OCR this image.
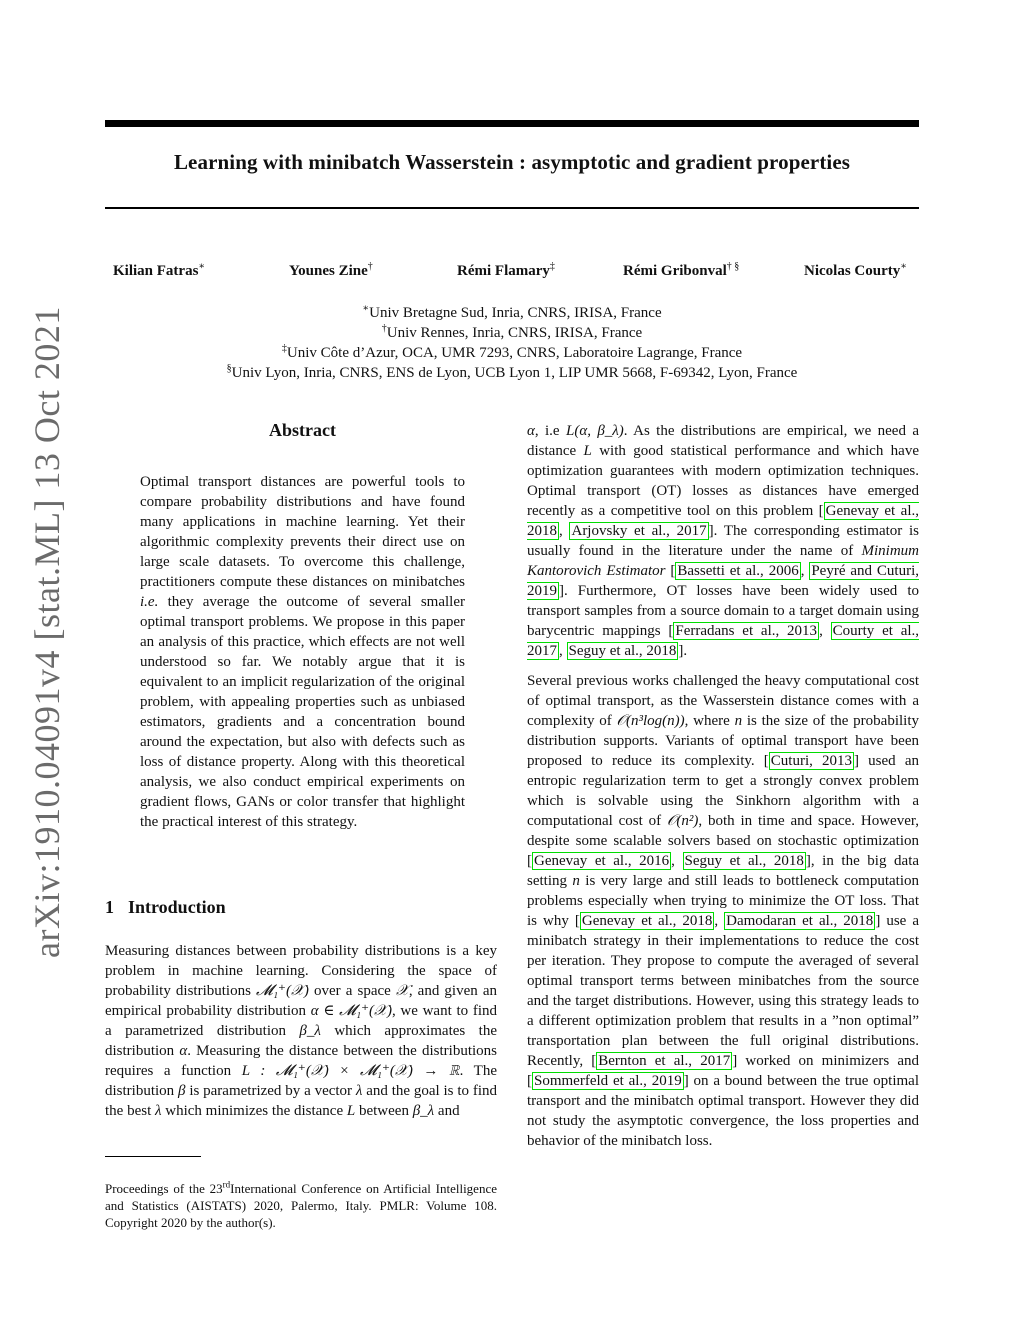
Learning with minibatch Wasserstein : asymptotic and gradient properties
Kilian Fatras∗	Younes Zine†	Rémi Flamary‡	Rémi Gribonval† §	Nicolas Courty∗
∗Univ Bretagne Sud, Inria, CNRS, IRISA, France
†Univ Rennes, Inria, CNRS, IRISA, France
‡Univ Côte d’Azur, OCA, UMR 7293, CNRS, Laboratoire Lagrange, France
§Univ Lyon, Inria, CNRS, ENS de Lyon, UCB Lyon 1, LIP UMR 5668, F-69342, Lyon, France
arXiv:1910.04091v4 [stat.ML] 13 Oct 2021	Abstract
Optimal transport distances are powerful tools to compare probability distributions and have found many applications in machine learning. Yet their algorithmic complexity prevents their direct use on large scale datasets. To overcome this challenge, practitioners compute these distances on minibatches i.e. they average the outcome of several smaller optimal transport problems. We propose in this paper an analysis of this practice, which effects are not well understood so far. We notably argue that it is equivalent to an implicit regularization of the original problem, with appealing properties such as unbiased estimators, gradients and a concentration bound around the expectation, but also with defects such as loss of distance property. Along with this theoretical analysis, we also conduct empirical experiments on gradient flows, GANs or color transfer that highlight the practical interest of this strategy.
1 Introduction
Measuring distances between probability distributions is a key problem in machine learning. Considering the space of probability distributions 𝓜₁⁺(𝒳) over a space 𝒳, and given an empirical probability distribution α ∈ 𝓜₁⁺(𝒳), we want to find a parametrized distribution β_λ which approximates the distribution α. Measuring the distance between the distributions requires a function L : 𝓜₁⁺(𝒳) × 𝓜₁⁺(𝒳) → ℝ. The distribution β is parametrized by a vector λ and the goal is to find the best λ which minimizes the distance L between β_λ and
Proceedings of the 23rdInternational Conference on Artificial Intelligence and Statistics (AISTATS) 2020, Palermo, Italy. PMLR: Volume 108. Copyright 2020 by the author(s).

α, i.e L(α, β_λ). As the distributions are empirical, we need a distance L with good statistical performance and which have optimization guarantees with modern optimization techniques. Optimal transport (OT) losses as distances have emerged recently as a competitive tool on this problem [ Genevay et al., 2018 , Arjovsky et al., 2017 ]. The corresponding estimator is usually found in the literature under the name of Minimum Kantorovich Estimator [ Bassetti et al., 2006 , Peyré and Cuturi, 2019 ]. Furthermore, OT losses have been widely used to transport samples from a source domain to a target domain using barycentric mappings [ Ferradans et al., 2013 , Courty et al., 2017 , Seguy et al., 2018 ].

Several previous works challenged the heavy computational cost of optimal transport, as the Wasserstein distance comes with a complexity of 𝒪(n³log(n)), where n is the size of the probability distribution supports. Variants of optimal transport have been proposed to reduce its complexity. [ Cuturi, 2013 ] used an entropic regularization term to get a strongly convex problem which is solvable using the Sinkhorn algorithm with a computational cost of 𝒪(n²), both in time and space. However, despite some scalable solvers based on stochastic optimization [ Genevay et al., 2016 , Seguy et al., 2018 ], in the big data setting n is very large and still leads to bottleneck computation problems especially when trying to minimize the OT loss. That is why [ Genevay et al., 2018 , Damodaran et al., 2018 ] use a minibatch strategy in their implementations to reduce the cost per iteration. They propose to compute the averaged of several optimal transport terms between minibatches from the source and the target distributions. However, using this strategy leads to a different optimization problem that results in a ”non optimal” transportation plan between the full original distributions. Recently, [ Bernton et al., 2017 ] worked on minimizers and [ Sommerfeld et al., 2019 ] on a bound between the true optimal transport and the minibatch optimal transport. However they did not study the asymptotic convergence, the loss properties and behavior of the minibatch loss.
